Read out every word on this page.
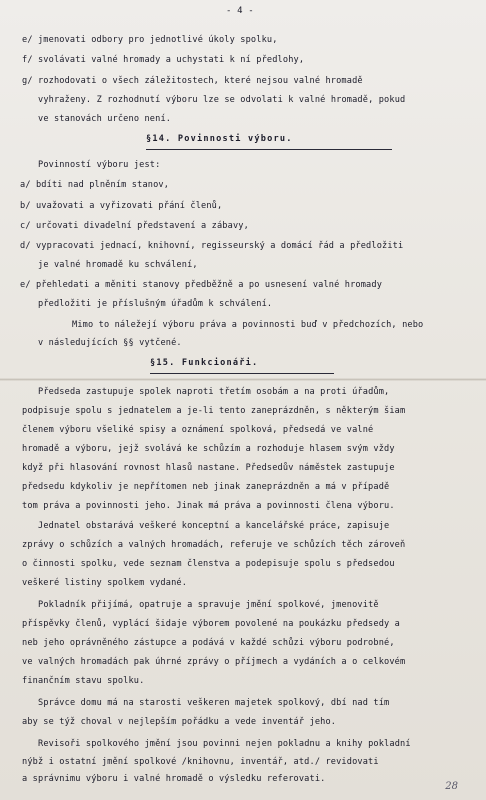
- 4 -
e/ jmenovati odbory pro jednotlivé úkoly spolku,
f/ svolávati valné hromady a uchystati k ní předlohy,
g/ rozhodovati o všech záležitostech, které nejsou valné hromadě
vyhraženy. Z rozhodnutí výboru lze se odvolati k valné hromadě, pokud
ve stanovách určeno není.
§14. Povinnosti výboru.
Povinností výboru jest:
a/ bdíti nad plněním stanov,
b/ uvažovati a vyřizovati přání členů,
c/ určovati divadelní představení a zábavy,
d/ vypracovati jednací, knihovní, regisseurský a domácí řád a předložiti
je valné hromadě ku schválení,
e/ přehledati a měniti stanovy předběžně a po usnesení valné hromady
předložiti je příslušným úřadům k schválení.
Mimo to náležejí výboru práva a povinnosti buď v předchozích, nebo
v následujících §§ vytčené.
§15. Funkcionáři.
Předseda zastupuje spolek naproti třetím osobám a na proti úřadům,
podpisuje spolu s jednatelem a je-li tento zaneprázdněn, s některým šiam
členem výboru všeliké spisy a oznámení spolková, předsedá ve valné
hromadě a výboru, jejž svolává ke schůzím a rozhoduje hlasem svým vždy
když při hlasování rovnost hlasů nastane. Předsedův náměstek zastupuje
předsedu kdykoliv je nepřítomen neb jinak zaneprázdněn a má v případě
tom práva a povinnosti jeho. Jinak má práva a povinnosti člena výboru.
Jednatel obstarává veškeré konceptní a kancelářské práce, zapisuje
zprávy o schůzích a valných hromadách, referuje ve schůzích těch zároveň
o činnosti spolku, vede seznam členstva a podepisuje spolu s předsedou
veškeré listiny spolkem vydané.
Pokladník přijímá, opatruje a spravuje jmění spolkové, jmenovitě
příspěvky členů, vyplácí šidaje výborem povolené na poukázku předsedy a
neb jeho oprávněného zástupce a podává v každé schůzi výboru podrobné,
ve valných hromadách pak úhrné zprávy o příjmech a vydáních a o celkovém
finančním stavu spolku.
Správce domu má na starosti veškeren majetek spolkový, dbí nad tím
aby se týž choval v nejlepším pořádku a vede inventář jeho.
Revisoři spolkového jmění jsou povinni nejen pokladnu a knihy pokladní
nýbž i ostatní jmění spolkové /knihovnu, inventář, atd./ revidovati
a správnimu výboru i valné hromadě o výsledku referovati.
28
